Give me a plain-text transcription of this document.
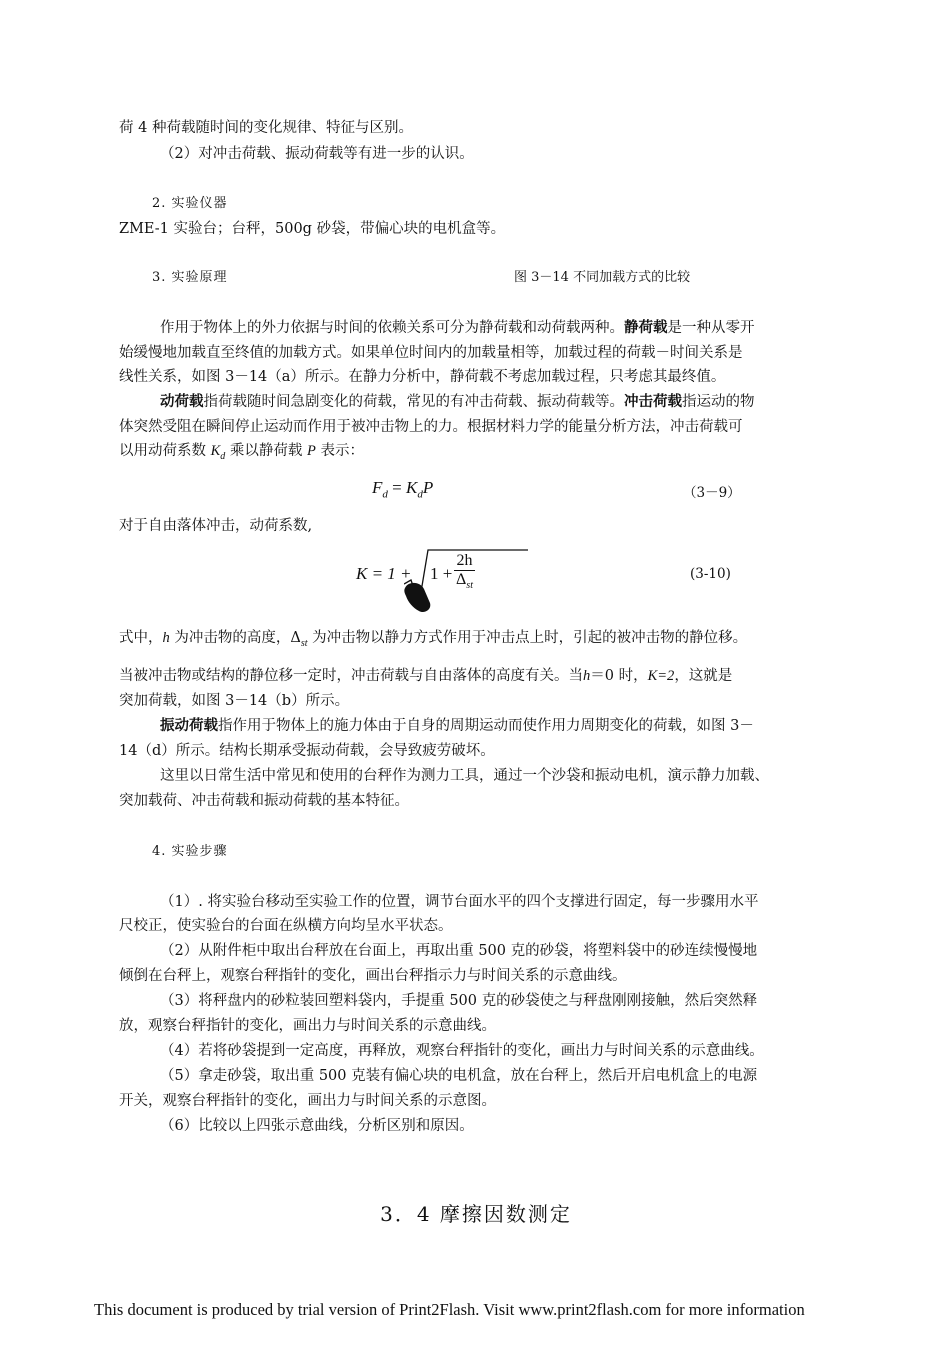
荷 4 种荷载随时间的变化规律、特征与区别。
（2）对冲击荷载、振动荷载等有进一步的认识。
2. 实验仪器
ZME-1 实验台；台秤，500g 砂袋，带偏心块的电机盒等。
3. 实验原理	图 3－14 不同加载方式的比较
作用于物体上的外力依据与时间的依赖关系可分为静荷载和动荷载两种。静荷载是一种从零开
始缓慢地加载直至终值的加载方式。如果单位时间内的加载量相等，加载过程的荷载－时间关系是
线性关系，如图 3－14（a）所示。在静力分析中，静荷载不考虑加载过程，只考虑其最终值。
动荷载指荷载随时间急剧变化的荷载，常见的有冲击荷载、振动荷载等。冲击荷载指运动的物
体突然受阻在瞬间停止运动而作用于被冲击物上的力。根据材料力学的能量分析方法，冲击荷载可
以用动荷系数 $K_d$ 乘以静荷载 P 表示：
$F_d = K_dP$	（3－9）
对于自由落体冲击，动荷系数,
K = 1 + 1 +
2h
$\Delta_{st}$
(3-10)
式中，h 为冲击物的高度，$\Delta_{st}$ 为冲击物以静力方式作用于冲击点上时，引起的被冲击物的静位移。
当被冲击物或结构的静位移一定时，冲击荷载与自由落体的高度有关。当h＝0 时，K=2，这就是
突加荷载，如图 3－14（b）所示。
振动荷载指作用于物体上的施力体由于自身的周期运动而使作用力周期变化的荷载，如图 3－
14（d）所示。结构长期承受振动荷载，会导致疲劳破坏。
这里以日常生活中常见和使用的台秤作为测力工具，通过一个沙袋和振动电机，演示静力加载、
突加载荷、冲击荷载和振动荷载的基本特征。
4. 实验步骤
（1）. 将实验台移动至实验工作的位置，调节台面水平的四个支撑进行固定，每一步骤用水平
尺校正，使实验台的台面在纵横方向均呈水平状态。
（2）从附件柜中取出台秤放在台面上，再取出重 500 克的砂袋，将塑料袋中的砂连续慢慢地
倾倒在台秤上，观察台秤指针的变化，画出台秤指示力与时间关系的示意曲线。
（3）将秤盘内的砂粒装回塑料袋内，手提重 500 克的砂袋使之与秤盘刚刚接触，然后突然释
放，观察台秤指针的变化，画出力与时间关系的示意曲线。
（4）若将砂袋提到一定高度，再释放，观察台秤指针的变化，画出力与时间关系的示意曲线。
（5）拿走砂袋，取出重 500 克装有偏心块的电机盒，放在台秤上，然后开启电机盒上的电源
开关，观察台秤指针的变化，画出力与时间关系的示意图。
（6）比较以上四张示意曲线，分析区别和原因。
3．4 摩擦因数测定
This document is produced by trial version of Print2Flash. Visit www.print2flash.com for more information
